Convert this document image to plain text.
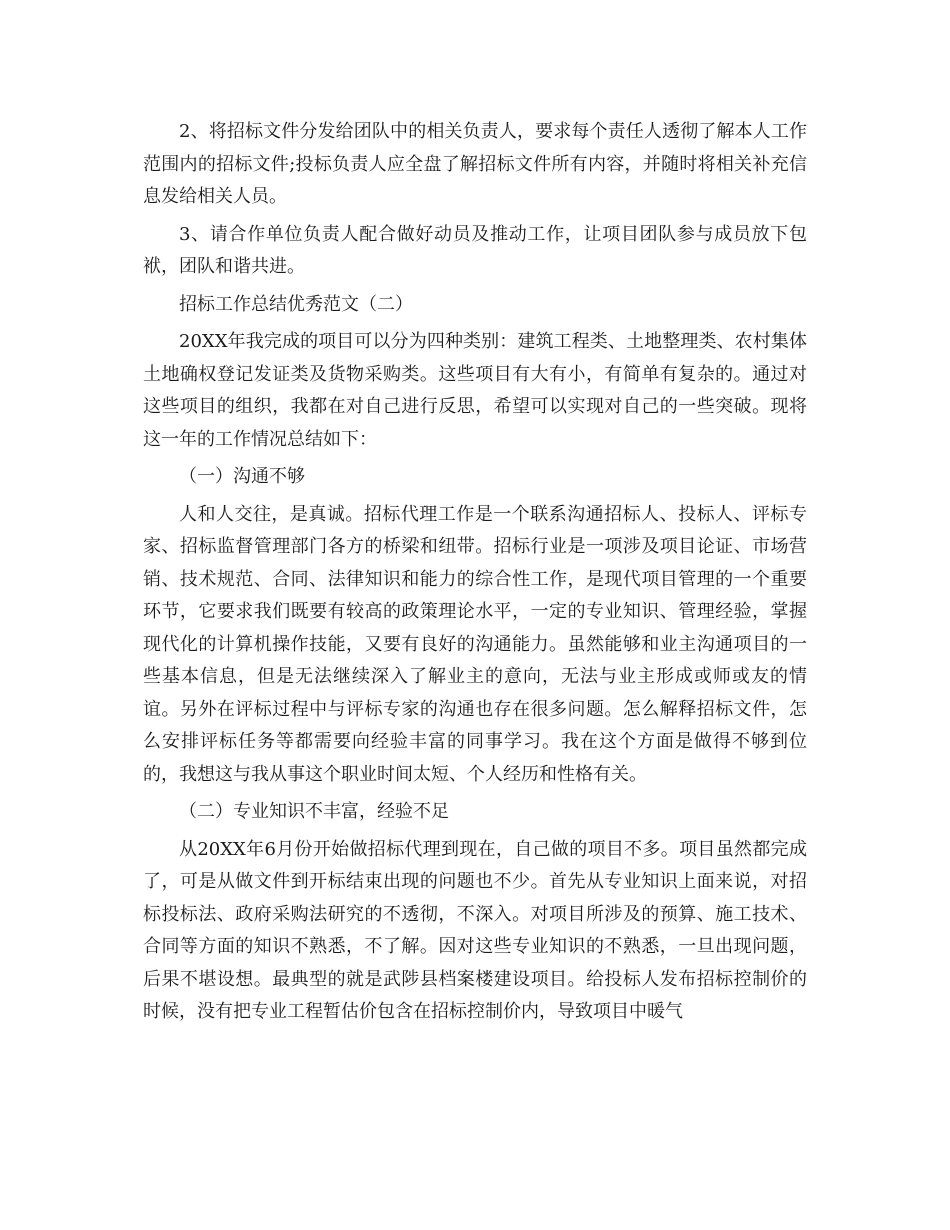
2、将招标文件分发给团队中的相关负责人，要求每个责任人透彻了解本人工作范围内的招标文件;投标负责人应全盘了解招标文件所有内容，并随时将相关补充信息发给相关人员。

3、请合作单位负责人配合做好动员及推动工作，让项目团队参与成员放下包袱，团队和谐共进。

招标工作总结优秀范文（二）

20XX年我完成的项目可以分为四种类别：建筑工程类、土地整理类、农村集体土地确权登记发证类及货物采购类。这些项目有大有小，有简单有复杂的。通过对这些项目的组织，我都在对自己进行反思，希望可以实现对自己的一些突破。现将这一年的工作情况总结如下：

（一）沟通不够

人和人交往，是真诚。招标代理工作是一个联系沟通招标人、投标人、评标专家、招标监督管理部门各方的桥梁和纽带。招标行业是一项涉及项目论证、市场营销、技术规范、合同、法律知识和能力的综合性工作，是现代项目管理的一个重要环节，它要求我们既要有较高的政策理论水平，一定的专业知识、管理经验，掌握现代化的计算机操作技能，又要有良好的沟通能力。虽然能够和业主沟通项目的一些基本信息，但是无法继续深入了解业主的意向，无法与业主形成或师或友的情谊。另外在评标过程中与评标专家的沟通也存在很多问题。怎么解释招标文件，怎么安排评标任务等都需要向经验丰富的同事学习。我在这个方面是做得不够到位的，我想这与我从事这个职业时间太短、个人经历和性格有关。

（二）专业知识不丰富，经验不足

从20XX年6月份开始做招标代理到现在，自己做的项目不多。项目虽然都完成了，可是从做文件到开标结束出现的问题也不少。首先从专业知识上面来说，对招标投标法、政府采购法研究的不透彻，不深入。对项目所涉及的预算、施工技术、合同等方面的知识不熟悉，不了解。因对这些专业知识的不熟悉，一旦出现问题，后果不堪设想。最典型的就是武陟县档案楼建设项目。给投标人发布招标控制价的时候，没有把专业工程暂估价包含在招标控制价内，导致项目中暖气
